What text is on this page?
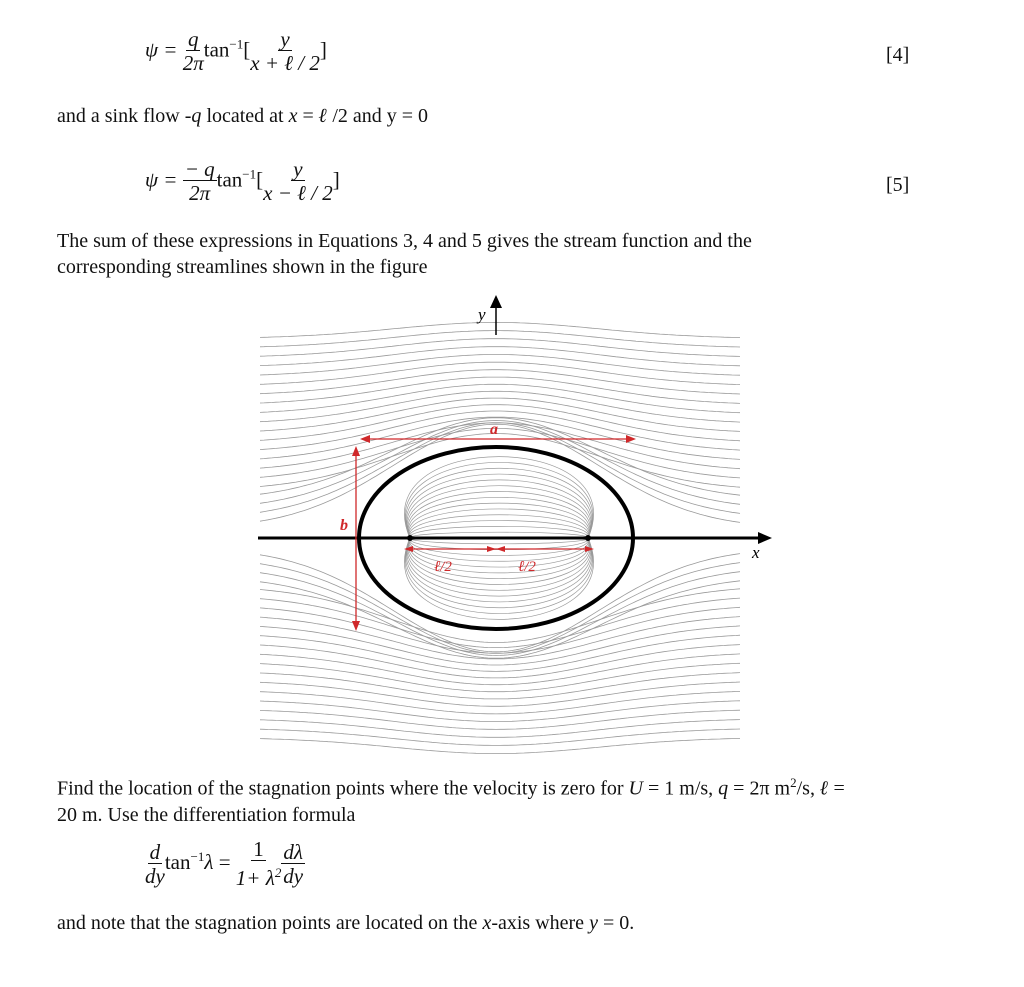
$\psi = \frac{q}{2\pi} \tan^{-1}[ \frac{y}{\text{x + ℓ / 2}}$ ]	[4]
and a sink flow -q located at x = ℓ /2 and y = 0
$\psi = \frac{- q}{2\pi} \tan^{-1}[ \frac{y}{\text{x − ℓ / 2}}$ ]	[5]
The sum of these expressions in Equations 3, 4 and 5 gives the stream function and the
corresponding streamlines shown in the figure
x
y
a
b
ℓ/2	ℓ/2
Find the location of the stagnation points where the velocity is zero for U = 1 m/s, q = 2π $m^2/s$, ℓ =
20 m. Use the differentiation formula
$\frac{d}{dy} \tan^{-1}\lambda = \frac{1}{1+ \lambda^2} \frac{d\lambda}{dy}$
and note that the stagnation points are located on the x-axis where y = 0.
